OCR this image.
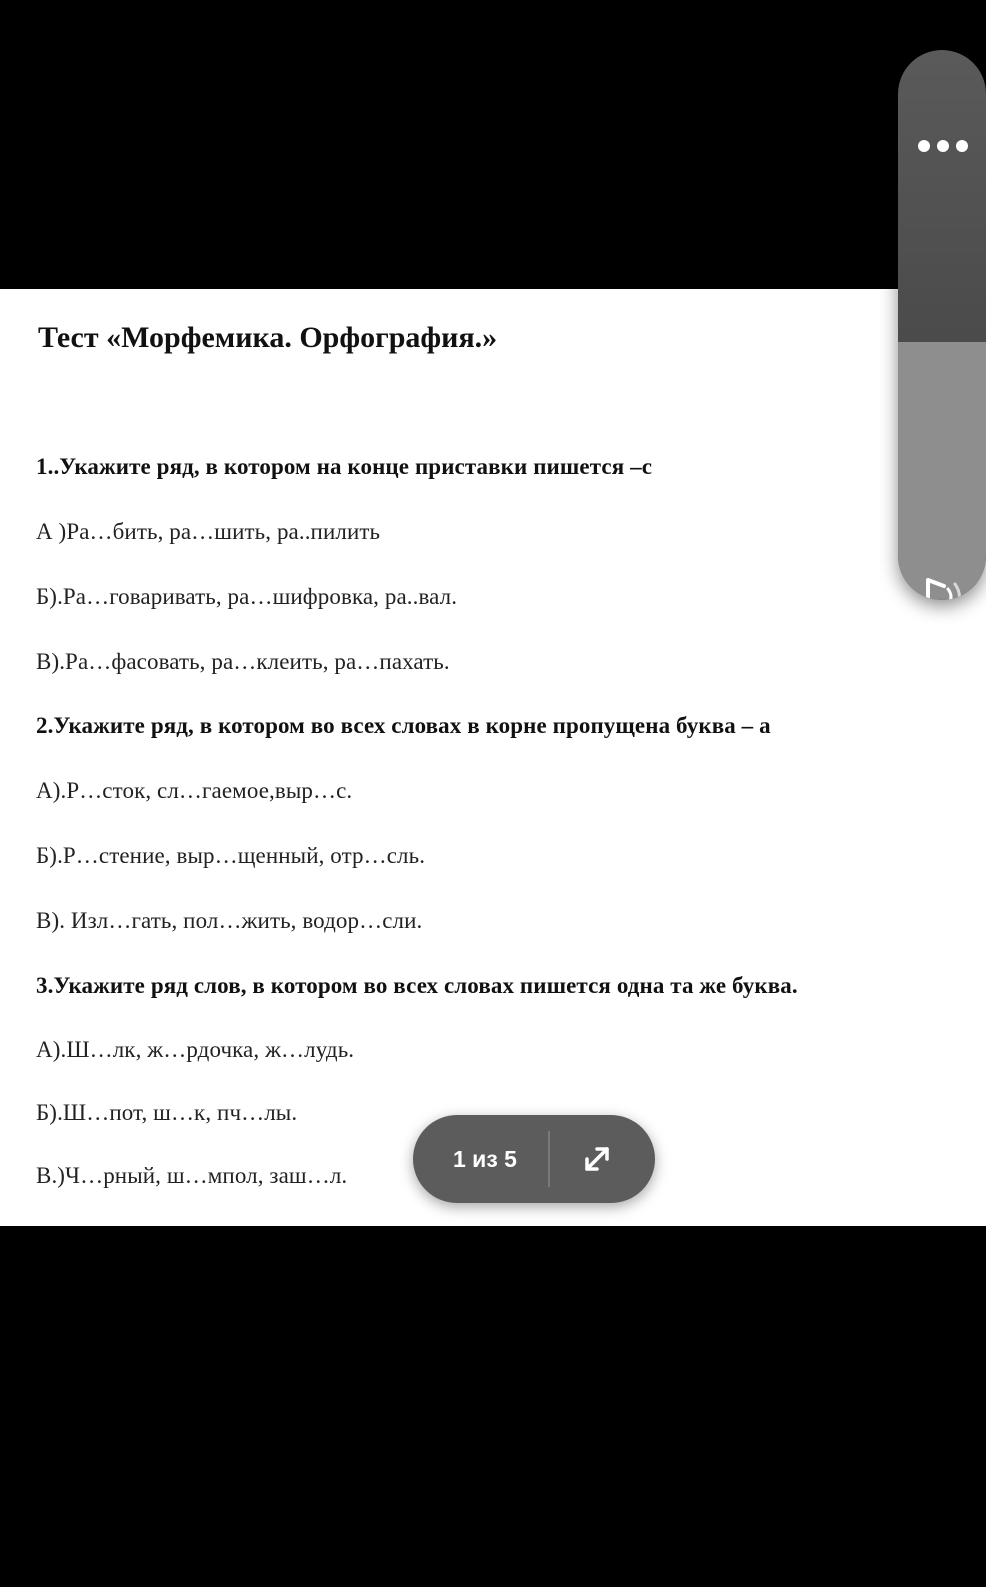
Тест «Морфемика. Орфография.»
1..Укажите ряд, в котором на конце приставки пишется –с
А )Ра…бить, ра…шить, ра..пилить
Б).Ра…говаривать, ра…шифровка, ра..вал.
В).Ра…фасовать, ра…клеить, ра…пахать.
2.Укажите ряд, в котором во всех словах в корне пропущена буква – а
А).Р…сток, сл…гаемое,выр…с.
Б).Р…стение, выр…щенный, отр…сль.
В). Изл…гать, пол…жить, водор…сли.
3.Укажите ряд слов, в котором во всех словах пишется одна та же буква.
А).Ш…лк, ж…рдочка, ж…лудь.
Б).Ш…пот, ш…к, пч…лы.
В.)Ч…рный, ш…мпол, заш…л.
1 из 5
